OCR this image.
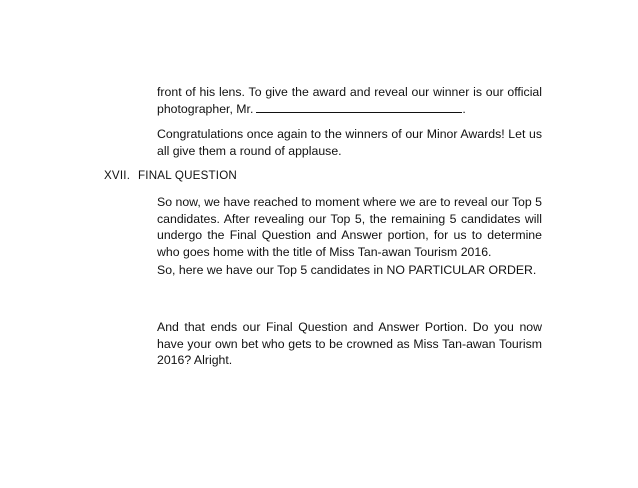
front of his lens. To give the award and reveal our winner is our official photographer, Mr.	.

Congratulations once again to the winners of our Minor Awards! Let us all give them a round of applause.

XVII. FINAL QUESTION

So now, we have reached to moment where we are to reveal our Top 5 candidates. After revealing our Top 5, the remaining 5 candidates will undergo the Final Question and Answer portion, for us to determine who goes home with the title of Miss Tan-awan Tourism 2016.

So, here we have our Top 5 candidates in NO PARTICULAR ORDER.

And that ends our Final Question and Answer Portion. Do you now have your own bet who gets to be crowned as Miss Tan-awan Tourism 2016? Alright.
